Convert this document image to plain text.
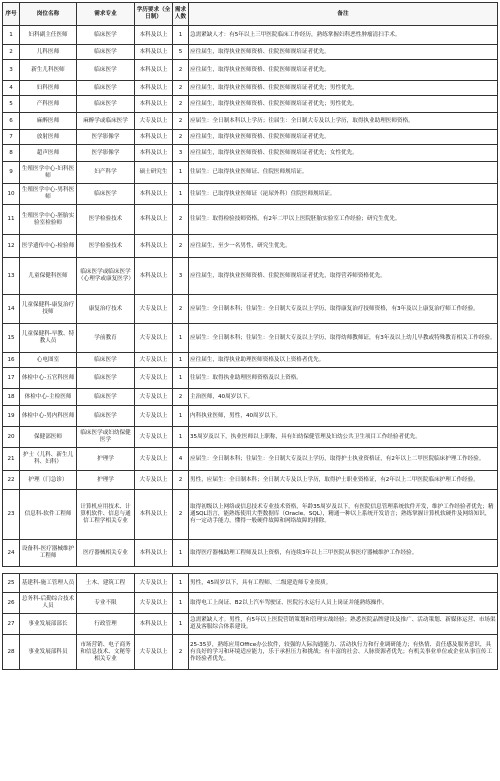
序号	岗位名称	需求专业	学历要求（全日制）	需求人数	备注
1	妇科副主任医师	临床医学	本科及以上	1	急需紧缺人才：有5年以上三甲医院临床工作经历，熟练掌握妇科恶性肿瘤清扫手术。
2	儿科医师	临床医学	本科及以上	5	应往届生，取得执业医师资格、住院医师规培证者优先。
3	新生儿科医师	临床医学	本科及以上	2	应往届生，取得执业医师资格、住院医师规培证者优先。
4	妇科医师	临床医学	本科及以上	2	应往届生，取得执业医师资格、住院医师规培证者优先；男性优先。
5	产科医师	临床医学	本科及以上	2	应往届生，取得执业医师资格、住院医师规培证者优先；男性优先。
6	麻醉医师	麻醉学或临床医学	大专及以上	2	应届生：全日制本科以上学历；往届生：全日制大专及以上学历，取得执业助理医师资格。
7	放射医师	医学影像学	本科及以上	2	应往届生，取得执业医师资格、住院医师规培证者优先。
8	超声医师	医学影像学	本科及以上	3	应往届生，取得执业医师资格、住院医师规培证者优先；女性优先。
9	生殖医学中心-妇科医师	妇产科学	硕士研究生	1	往届生：已取得执业医师证、住院医师规培证。
10	生殖医学中心-男科医师	临床医学	本科及以上	1	往届生：已取得执业医师证（泌尿外科）住院医师规培证。
11	生殖医学中心-胚胎实验室检验师	医学检验技术	本科及以上	2	往届生：取得检验技师资格，有2年二甲以上医院胚胎实验室工作经验；研究生优先。
12	医学遗传中心-检验师	医学检验技术	本科及以上	2	应往届生，至少一名男性，研究生优先。
13	儿童保健科医师	临床医学或临床医学（心理学或康复医学）	本科及以上	3	应往届生，取得执业医师资格、住院医师规培证者优先，取得营养师资格优先。
14	儿童保健科-康复治疗技师	康复治疗技术	大专及以上	2	应届生：全日制本科；往届生：全日制大专及以上学历，取得康复治疗技师资格，有3年及以上康复治疗师工作经验。
15	儿童保健科-早教、特教人员	学前教育	大专及以上	1	应届生：全日制本科；往届生：全日制大专及以上学历，取得幼师教师证，有3年及以上幼儿早教或特殊教育相关工作经验。
16	心电图室	临床医学	大专及以上	1	应往届生，取得执业助理医师资格及以上资格者优先。
17	体检中心-五官科医师	临床医学	大专及以上	1	往届生：取得执业助理医师资格及以上资格。
18	体检中心-主检医师	临床医学	大专及以上	2	主治医师，40周岁以下。
19	体检中心-男内科医师	临床医学	大专及以上	1	内科执业医师，男性，40周岁以下。
20	保健部医师	临床医学或妇幼保健医学	大专及以上	1	35周岁及以下，执业医师以上职称，具有妇幼保健管理及妇幼公共卫生项目工作经验者优先。
21	护士（儿科、新生儿科、妇科）	护理学	大专及以上	4	应届生：全日制本科；往届生：全日制大专及以上学历，取得护士执业资格证，有2年以上二甲医院临床护理工作经验。
22	护理（门急诊）	护理学	大专及以上	2	男性，应届生：全日制本科；全日制大专及以上学历，取得护士职业资格证，有2年以上二甲医院临床护理工作经验。
23	信息科-软件工程师	计算机应用技术、计算机软件、信息与通信工程学相关专业	本科及以上	2	取得初级以上网络或信息技术专业技术资格，年龄35周岁及以下，有医院信息管理系统软件开发，维护工作经验者优先；精通SQL语言，能熟练使用大型数据库（Oracle、SQL），精通一种以上系统开发语言；熟练掌握计算机软硬件及网络知识，有一定动手能力，懂得一般硬件故障和网络故障的排除。
24	设备科-医疗器械维护工程师	医疗器械相关专业	本科及以上	1	取得医疗器械助理工程师及以上资格，有连续3年以上三甲医院从事医疗器械维护工作经验。

25	基建科-施工管理人员	土木、建筑工程	大专及以上	1	男性，45周岁以下，具有工程师、二级建造师专业资质。
26	总务科-后勤综合技术人员	专业不限	大专及以上	1	取得电工上岗证、B2以上汽车驾驶证、医院污水运行人员上岗证并能熟练操作。
27	事业发展部部长	行政管理	本科及以上	1	急需紧缺人才。男性，有5年以上医院营销策划和管理实战经验；熟悉医院品牌建设及推广、活动策划、新媒体运营、市场渠道及客服综合体系建设。
28	事业发展部科员	市场营销、电子商务和信息技术、文秘等相关专业	大专及以上	2	25-35岁，熟练应用Office办公软件，较强的人际沟通能力、活动执行力和行业调研能力；有热情、责任感及服务意识，具有良好的学习和环境适应能力，乐于承担压力和挑战；有丰富的社会、人脉资源者优先；有机关事业单位或企业从事宣传工作经验者优先。
